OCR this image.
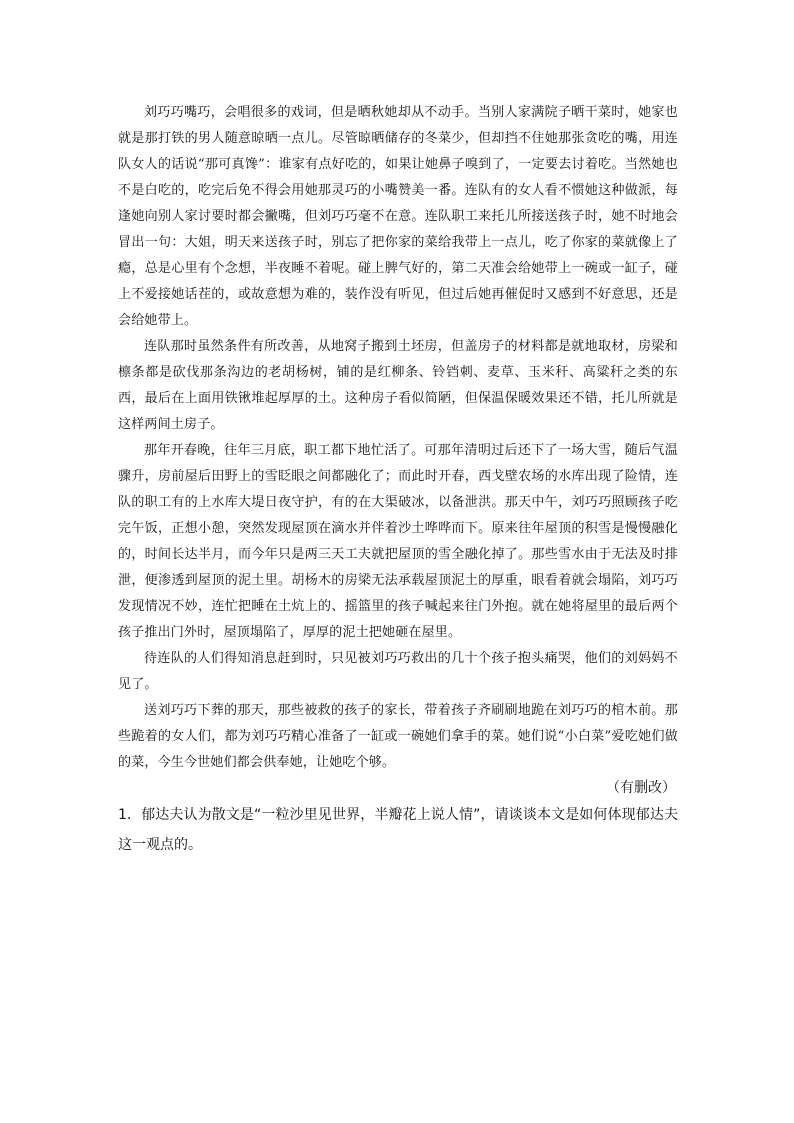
刘巧巧嘴巧，会唱很多的戏词，但是晒秋她却从不动手。当别人家满院子晒干菜时，她家也就是那打铁的男人随意晾晒一点儿。尽管晾晒储存的冬菜少，但却挡不住她那张贪吃的嘴，用连队女人的话说“那可真馋”：谁家有点好吃的，如果让她鼻子嗅到了，一定要去讨着吃。当然她也不是白吃的，吃完后免不得会用她那灵巧的小嘴赞美一番。连队有的女人看不惯她这种做派，每逢她向别人家讨要时都会撇嘴，但刘巧巧毫不在意。连队职工来托儿所接送孩子时，她不时地会冒出一句：大姐，明天来送孩子时，别忘了把你家的菜给我带上一点儿，吃了你家的菜就像上了瘾，总是心里有个念想，半夜睡不着呢。碰上脾气好的，第二天准会给她带上一碗或一缸子，碰上不爱接她话茬的，或故意想为难的，装作没有听见，但过后她再催促时又感到不好意思，还是会给她带上。

连队那时虽然条件有所改善，从地窝子搬到土坯房，但盖房子的材料都是就地取材，房梁和檩条都是砍伐那条沟边的老胡杨树，铺的是红柳条、铃铛刺、麦草、玉米秆、高粱秆之类的东西，最后在上面用铁锹堆起厚厚的土。这种房子看似简陋，但保温保暖效果还不错，托儿所就是这样两间土房子。

那年开春晚，往年三月底，职工都下地忙活了。可那年清明过后还下了一场大雪，随后气温骤升，房前屋后田野上的雪眨眼之间都融化了；而此时开春，西戈壁农场的水库出现了险情，连队的职工有的上水库大堤日夜守护，有的在大渠破冰，以备泄洪。那天中午，刘巧巧照顾孩子吃完午饭，正想小憩，突然发现屋顶在滴水并伴着沙土哗哗而下。原来往年屋顶的积雪是慢慢融化的，时间长达半月，而今年只是两三天工夫就把屋顶的雪全融化掉了。那些雪水由于无法及时排泄，便渗透到屋顶的泥土里。胡杨木的房梁无法承载屋顶泥土的厚重，眼看着就会塌陷，刘巧巧发现情况不妙，连忙把睡在土炕上的、摇篮里的孩子喊起来往门外抱。就在她将屋里的最后两个孩子推出门外时，屋顶塌陷了，厚厚的泥土把她砸在屋里。

待连队的人们得知消息赶到时，只见被刘巧巧救出的几十个孩子抱头痛哭，他们的刘妈妈不见了。

送刘巧巧下葬的那天，那些被救的孩子的家长，带着孩子齐刷刷地跪在刘巧巧的棺木前。那些跪着的女人们，都为刘巧巧精心准备了一缸或一碗她们拿手的菜。她们说“小白菜”爱吃她们做的菜，今生今世她们都会供奉她，让她吃个够。

（有删改）

1．郁达夫认为散文是“一粒沙里见世界，半瓣花上说人情”，请谈谈本文是如何体现郁达夫这一观点的。
